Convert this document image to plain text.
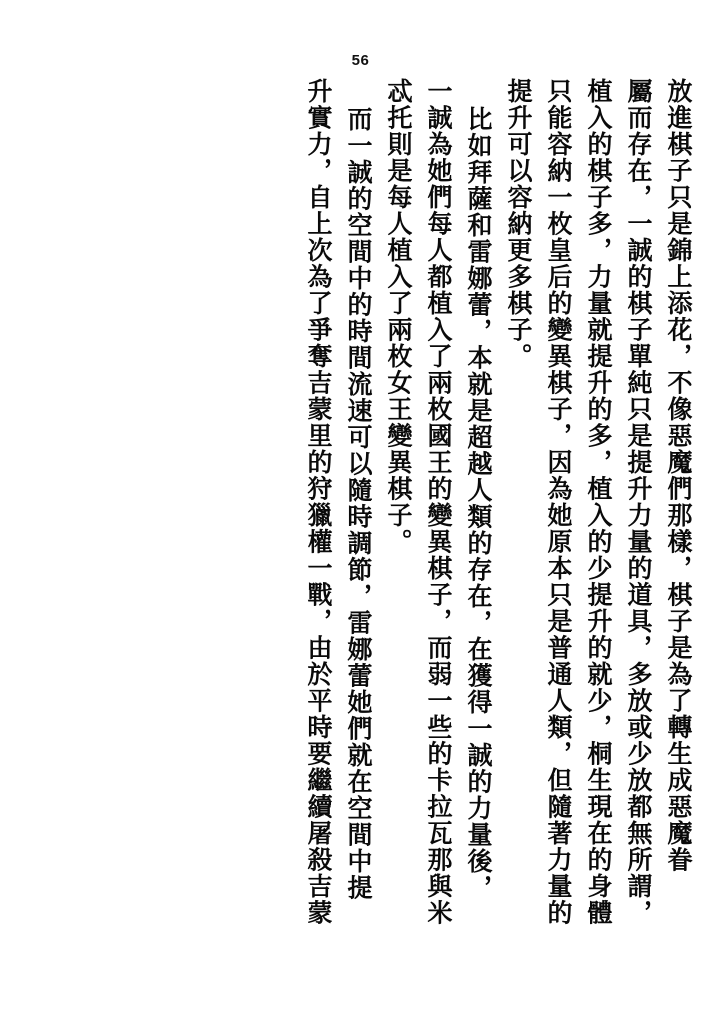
56
放進棋子只是錦上添花，不像惡魔們那樣，棋子是為了轉生成惡魔眷
屬而存在，一誠的棋子單純只是提升力量的道具，多放或少放都無所謂，
植入的棋子多，力量就提升的多，植入的少提升的就少，桐生現在的身體
只能容納一枚皇后的變異棋子，因為她原本只是普通人類，但隨著力量的
提升可以容納更多棋子。
比如拜薩和雷娜蕾，本就是超越人類的存在，在獲得一誠的力量後，
一誠為她們每人都植入了兩枚國王的變異棋子，而弱一些的卡拉瓦那與米
忒托則是每人植入了兩枚女王變異棋子。
而一誠的空間中的時間流速可以隨時調節，雷娜蕾她們就在空間中提
升實力，自上次為了爭奪吉蒙里的狩獵權一戰，由於平時要繼續屠殺吉蒙
